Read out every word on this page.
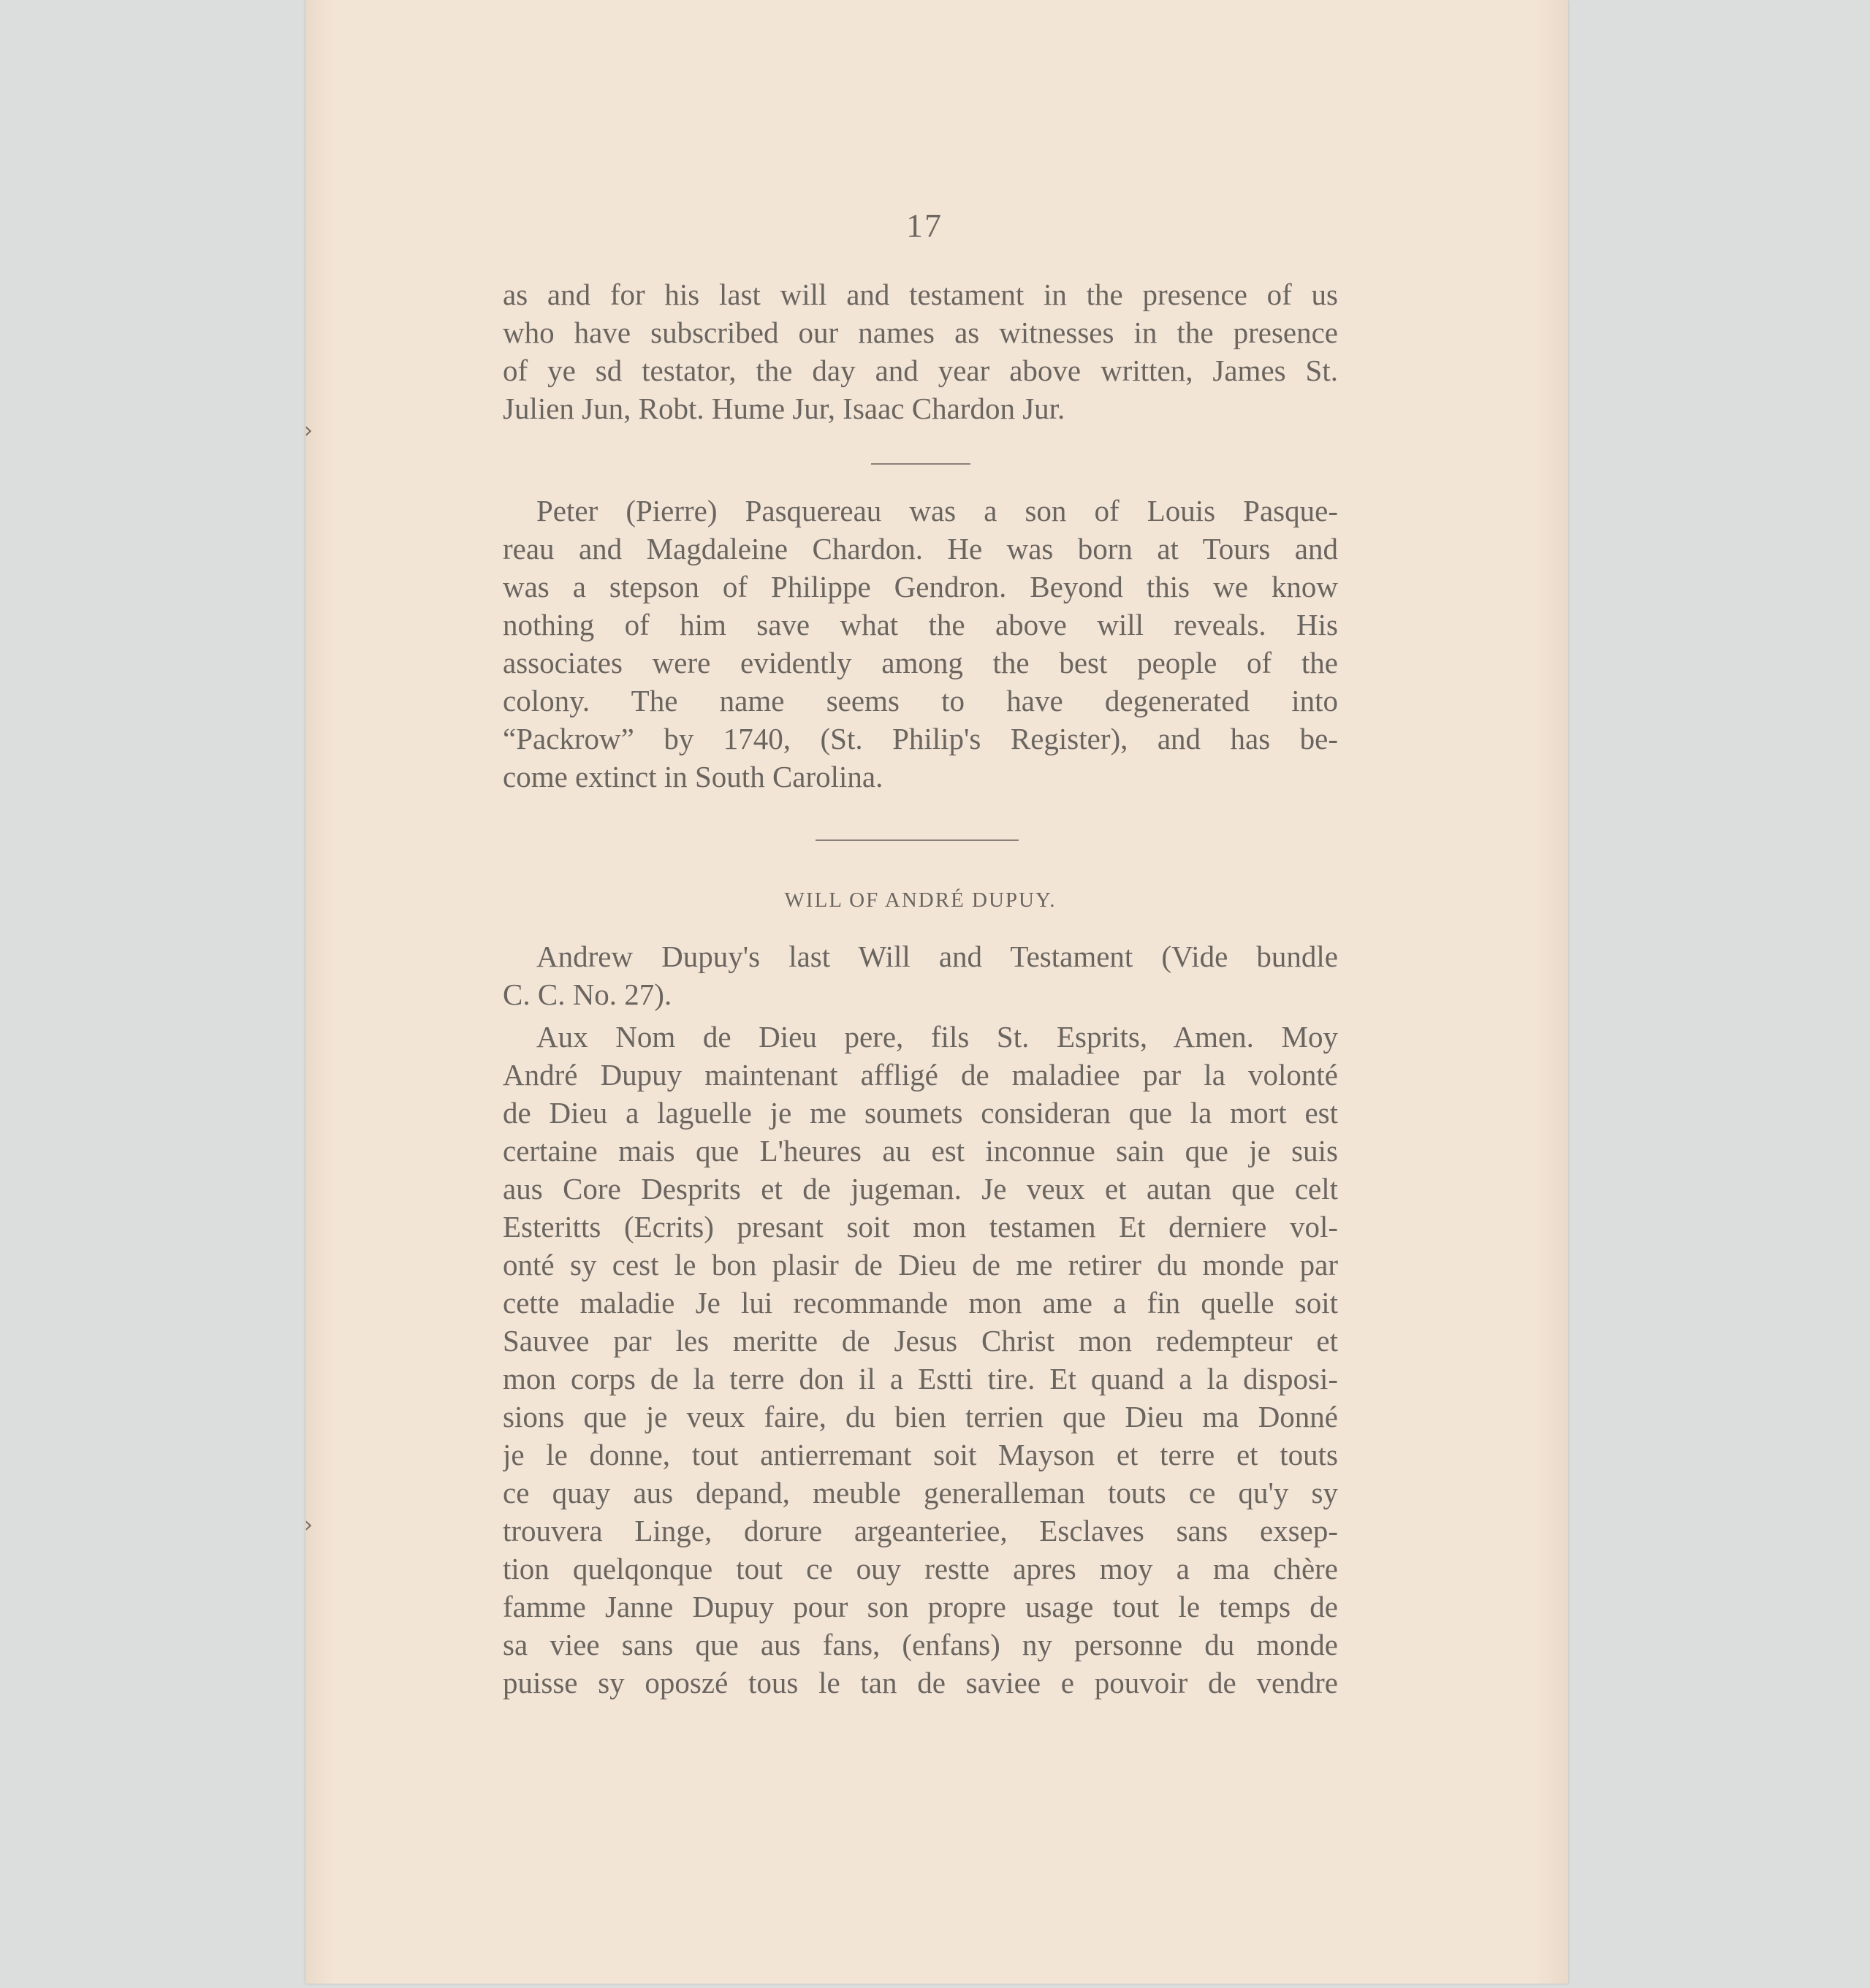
17
as and for his last will and testament in the presence of us
who have subscribed our names as witnesses in the presence
of ye sd testator, the day and year above written, James St.
Julien Jun, Robt. Hume Jur, Isaac Chardon Jur.
Peter (Pierre) Pasquereau was a son of Louis Pasque-
reau and Magdaleine Chardon. He was born at Tours and
was a stepson of Philippe Gendron. Beyond this we know
nothing of him save what the above will reveals. His
associates were evidently among the best people of the
colony. The name seems to have degenerated into
“Packrow” by 1740, (St. Philip's Register), and has be-
come extinct in South Carolina.
WILL OF ANDRÉ DUPUY.
Andrew Dupuy's last Will and Testament (Vide bundle
C. C. No. 27).
Aux Nom de Dieu pere, fils St. Esprits, Amen. Moy
André Dupuy maintenant affligé de maladiee par la volonté
de Dieu a laguelle je me soumets consideran que la mort est
certaine mais que L'heures au est inconnue sain que je suis
aus Core Desprits et de jugeman. Je veux et autan que celt
Esteritts (Ecrits) presant soit mon testamen Et derniere vol-
onté sy cest le bon plasir de Dieu de me retirer du monde par
cette maladie Je lui recommande mon ame a fin quelle soit
Sauvee par les meritte de Jesus Christ mon redempteur et
mon corps de la terre don il a Estti tire. Et quand a la disposi-
sions que je veux faire, du bien terrien que Dieu ma Donné
je le donne, tout antierremant soit Mayson et terre et touts
ce quay aus depand, meuble generalleman touts ce qu'y sy
trouvera Linge, dorure argeanteriee, Esclaves sans exsep-
tion quelqonque tout ce ouy restte apres moy a ma chère
famme Janne Dupuy pour son propre usage tout le temps de
sa viee sans que aus fans, (enfans) ny personne du monde
puisse sy oposzé tous le tan de saviee e pouvoir de vendre
›
›
